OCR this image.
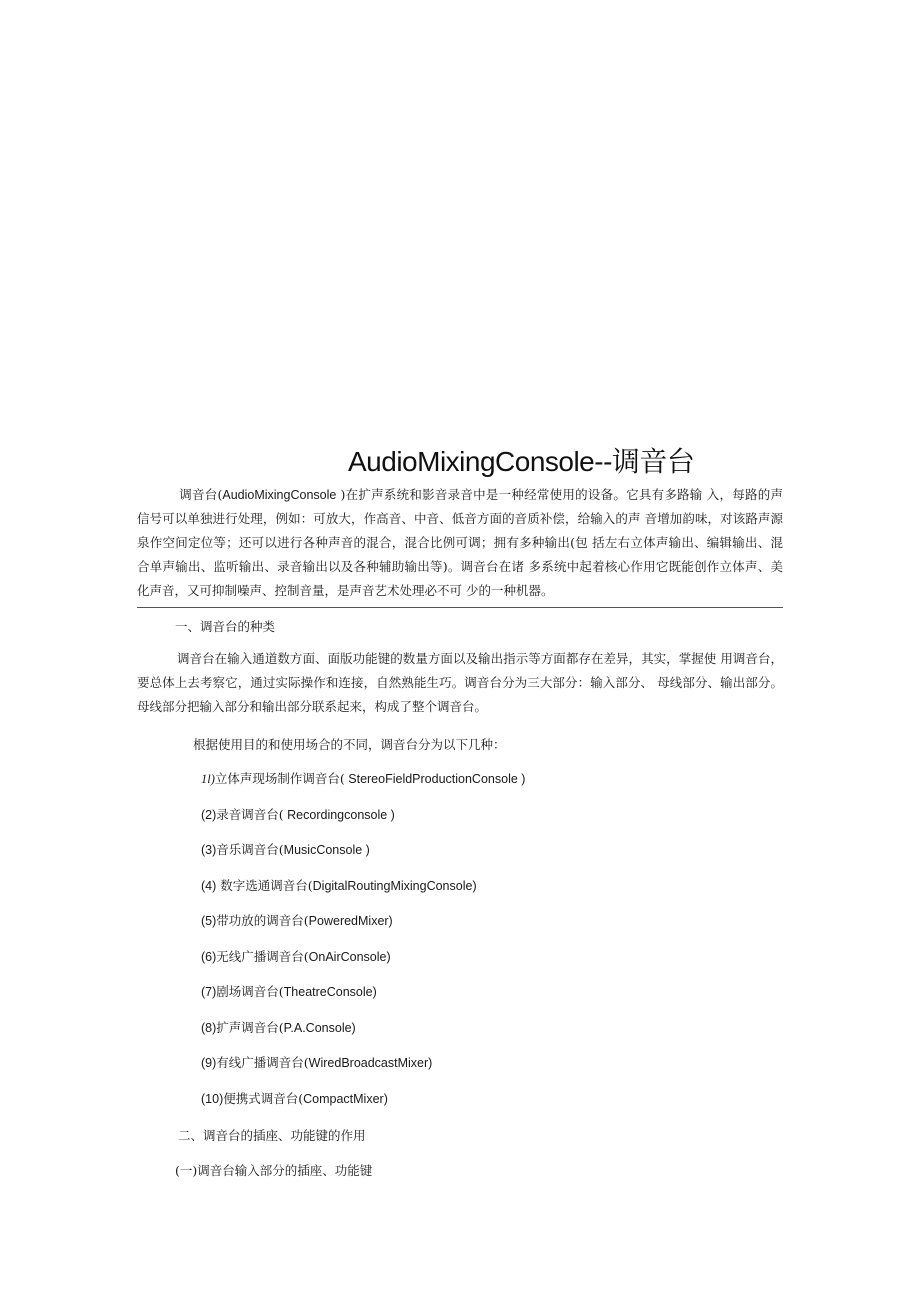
AudioMixingConsole--调音台
调音台(AudioMixingConsole )在扩声系统和影音录音中是一种经常使用的设备。它具有多路输 入，每路的声信号可以单独进行处理，例如：可放大，作高音、中音、低音方面的音质补偿，给输入的声 音增加韵味，对该路声源泉作空间定位等；还可以进行各种声音的混合，混合比例可调；拥有多种输出(包 括左右立体声输出、编辑输出、混合单声输出、监听输出、录音输出以及各种辅助输出等)。调音台在诸 多系统中起着核心作用它既能创作立体声、美化声音，又可抑制噪声、控制音量，是声音艺术处理必不可 少的一种机器。
一、调音台的种类
调音台在输入通道数方面、面版功能键的数量方面以及输出指示等方面都存在差异，其实，掌握使 用调音台，要总体上去考察它，通过实际操作和连接，自然熟能生巧。调音台分为三大部分：输入部分、 母线部分、输出部分。母线部分把输入部分和输出部分联系起来，构成了整个调音台。
根据使用目的和使用场合的不同，调音台分为以下几种：
1l)立体声现场制作调音台( StereoFieldProductionConsole )
(2)录音调音台( Recordingconsole )
(3)音乐调音台(MusicConsole )
(4) 数字选通调音台(DigitalRoutingMixingConsole)
(5)带功放的调音台(PoweredMixer)
(6)无线广播调音台(OnAirConsole)
(7)剧场调音台(TheatreConsole)
(8)扩声调音台(P.A.Console)
(9)有线广播调音台(WiredBroadcastMixer)
(10)便携式调音台(CompactMixer)
二、调音台的插座、功能键的作用
(一)调音台输入部分的插座、功能键
